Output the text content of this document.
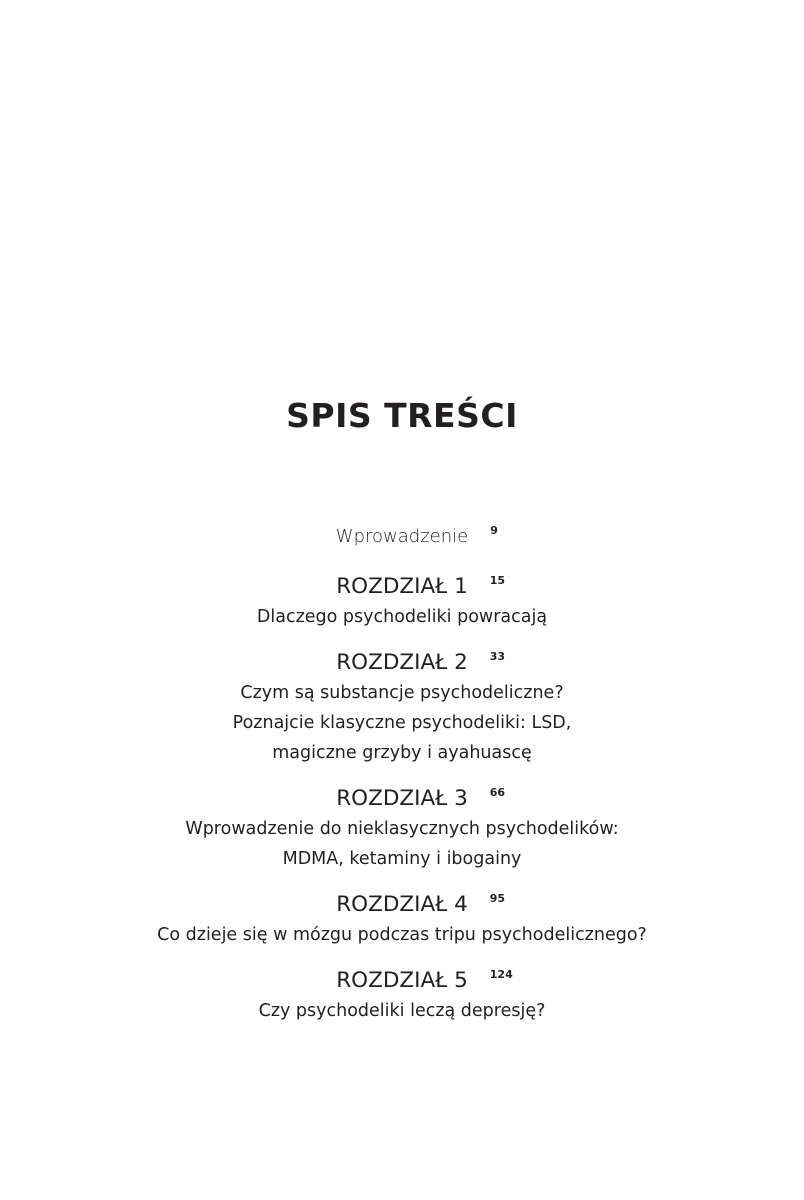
SPIS TREŚCI
Wprowadzenie 9
ROZDZIAŁ 1 15
Dlaczego psychodeliki powracają
ROZDZIAŁ 2 33
Czym są substancje psychodeliczne?
Poznajcie klasyczne psychodeliki: LSD,
magiczne grzyby i ayahuascę
ROZDZIAŁ 3 66
Wprowadzenie do nieklasycznych psychodelików:
MDMA, ketaminy i ibogainy
ROZDZIAŁ 4 95
Co dzieje się w mózgu podczas tripu psychodelicznego?
ROZDZIAŁ 5 124
Czy psychodeliki leczą depresję?
